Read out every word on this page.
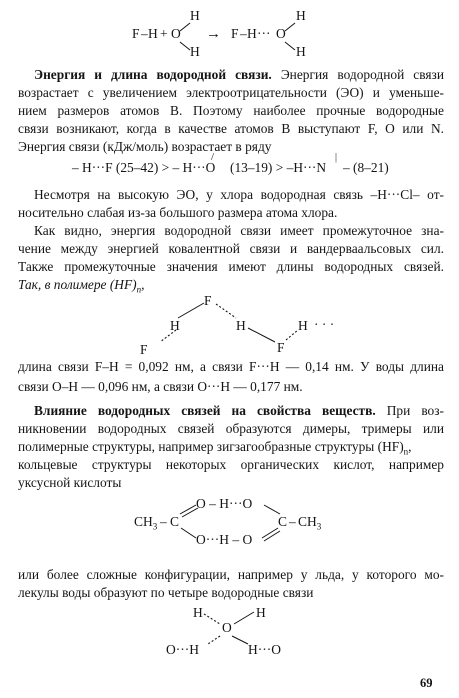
F – H + O
H
H
→ F – H ··· O
H
H
Энергия и длина водородной связи. Энергия водородной связи
возрастает с увеличением электроотрицательности (ЭО) и уменьше-
нием размеров атомов В. Поэтому наиболее прочные водородные
связи возникают, когда в качестве атомов В выступают F, О или N.
Энергия связи (кДж/моль) возрастает в ряду
– H···F (25–42) > – H···O
/
(13–19) > –H···N
|
– (8–21)
Несмотря на высокую ЭО, у хлора водородная связь –H···Cl– от-
носительно слабая из-за большого размера атома хлора.
Как видно, энергия водородной связи имеет промежуточное зна-
чение между энергией ковалентной связи и вандерваальсовых сил.
Также промежуточные значения имеют длины водородных связей.
Так, в полимере $(HF)_n$,
F
H	H
F	F
H · · ·
длина связи F–H = 0,092 нм, а связи F···H — 0,14 нм. У воды длина
связи O–H — 0,096 нм, а связи O···H — 0,177 нм.
Влияние водородных связей на свойства веществ. При воз-
никновении водородных связей образуются димеры, тримеры или
полимерные структуры, например зигзагообразные структуры $(HF)_n$,
кольцевые структуры некоторых органических кислот, например
уксусной кислоты
$CH_3$ – C
O – H···O
O···H – O
C – $CH_3$
или более сложные конфигурации, например у льда, у которого мо-
лекулы воды образуют по четыре водородные связи
H	H
O
O···H	H···O
69
